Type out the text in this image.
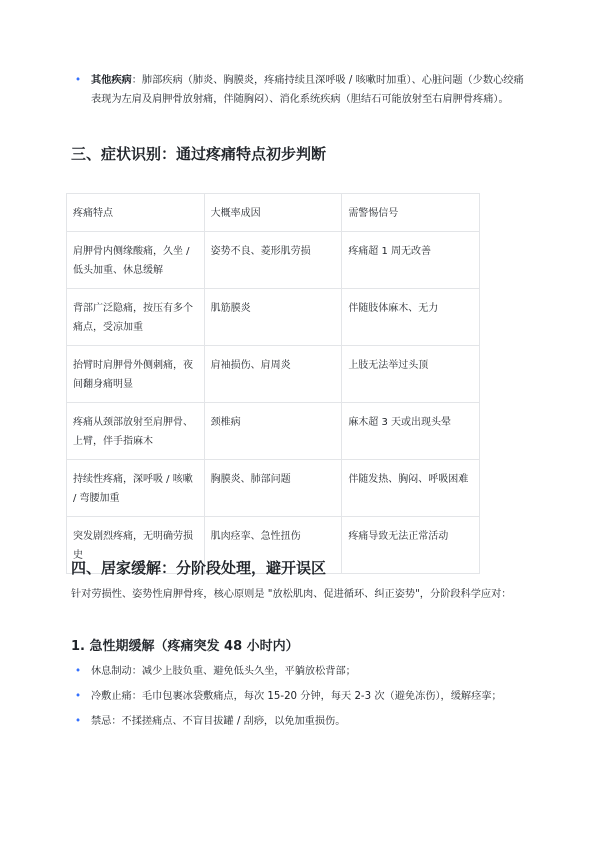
• 其他疾病：肺部疾病（肺炎、胸膜炎，疼痛持续且深呼吸 / 咳嗽时加重）、心脏问题（少数心绞痛表现为左肩及肩胛骨放射痛，伴随胸闷）、消化系统疾病（胆结石可能放射至右肩胛骨疼痛）。
三、症状识别：通过疼痛特点初步判断
疼痛特点	大概率成因	需警惕信号
肩胛骨内侧缘酸痛，久坐 / 低头加重、休息缓解	姿势不良、菱形肌劳损	疼痛超 1 周无改善
背部广泛隐痛，按压有多个痛点，受凉加重	肌筋膜炎	伴随肢体麻木、无力
抬臂时肩胛骨外侧刺痛，夜间翻身痛明显	肩袖损伤、肩周炎	上肢无法举过头顶
疼痛从颈部放射至肩胛骨、上臂，伴手指麻木	颈椎病	麻木超 3 天或出现头晕
持续性疼痛，深呼吸 / 咳嗽 / 弯腰加重	胸膜炎、肺部问题	伴随发热、胸闷、呼吸困难
突发剧烈疼痛，无明确劳损史	肌肉痉挛、急性扭伤	疼痛导致无法正常活动
四、居家缓解：分阶段处理，避开误区

针对劳损性、姿势性肩胛骨疼，核心原则是 "放松肌肉、促进循环、纠正姿势"，分阶段科学应对：

1. 急性期缓解（疼痛突发 48 小时内）
• 休息制动：减少上肢负重、避免低头久坐，平躺放松背部；
• 冷敷止痛：毛巾包裹冰袋敷痛点，每次 15-20 分钟，每天 2-3 次（避免冻伤），缓解痉挛；
• 禁忌：不揉搓痛点、不盲目拔罐 / 刮痧，以免加重损伤。
